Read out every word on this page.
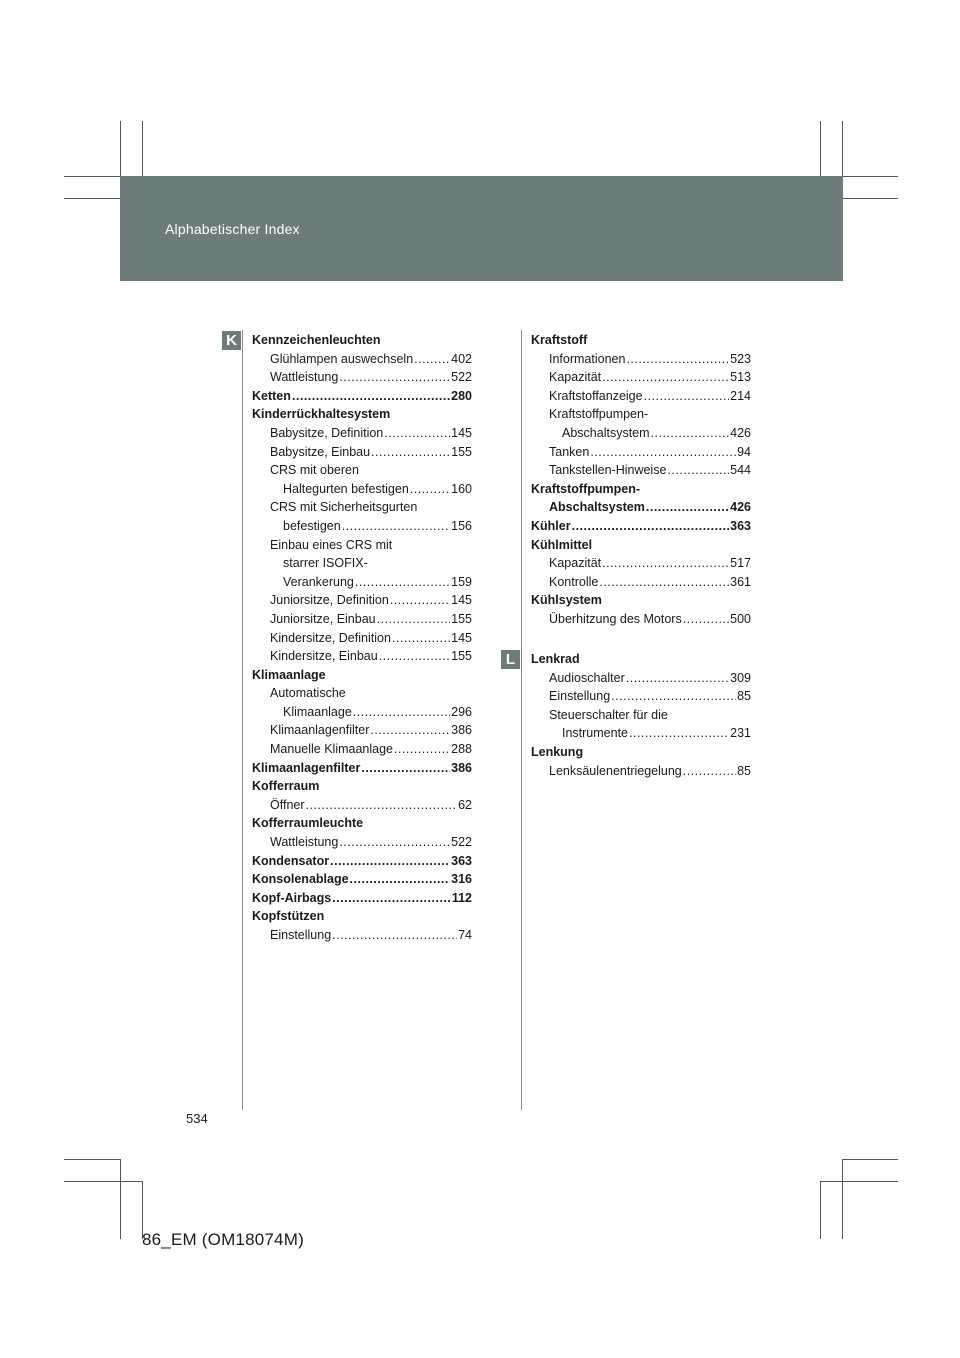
Alphabetischer Index
K
L
Kennzeichenleuchten
Glühlampen auswechseln .....	402
Wattleistung .....	522
Ketten .....	280
Kinderrückhaltesystem
Babysitze, Definition .....	145
Babysitze, Einbau .....	155
CRS mit oberen
Haltegurten befestigen .....	160
CRS mit Sicherheitsgurten
befestigen .....	156
Einbau eines CRS mit
starrer ISOFIX-
Verankerung .....	159
Juniorsitze, Definition .....	145
Juniorsitze, Einbau .....	155
Kindersitze, Definition .....	145
Kindersitze, Einbau .....	155
Klimaanlage
Automatische
Klimaanlage .....	296
Klimaanlagenfilter .....	386
Manuelle Klimaanlage .....	288
Klimaanlagenfilter .....	386
Kofferraum
Öffner .....	62
Kofferraumleuchte
Wattleistung .....	522
Kondensator .....	363
Konsolenablage .....	316
Kopf-Airbags .....	112
Kopfstützen
Einstellung .....	74
Kraftstoff
Informationen .....	523
Kapazität .....	513
Kraftstoffanzeige .....	214
Kraftstoffpumpen-
Abschaltsystem .....	426
Tanken .....	94
Tankstellen-Hinweise .....	544
Kraftstoffpumpen-
Abschaltsystem .....	426
Kühler .....	363
Kühlmittel
Kapazität .....	517
Kontrolle .....	361
Kühlsystem
Überhitzung des Motors .....	500
Lenkrad
Audioschalter .....	309
Einstellung .....	85
Steuerschalter für die
Instrumente .....	231
Lenkung
Lenksäulenentriegelung .....	85
534
86_EM (OM18074M)
